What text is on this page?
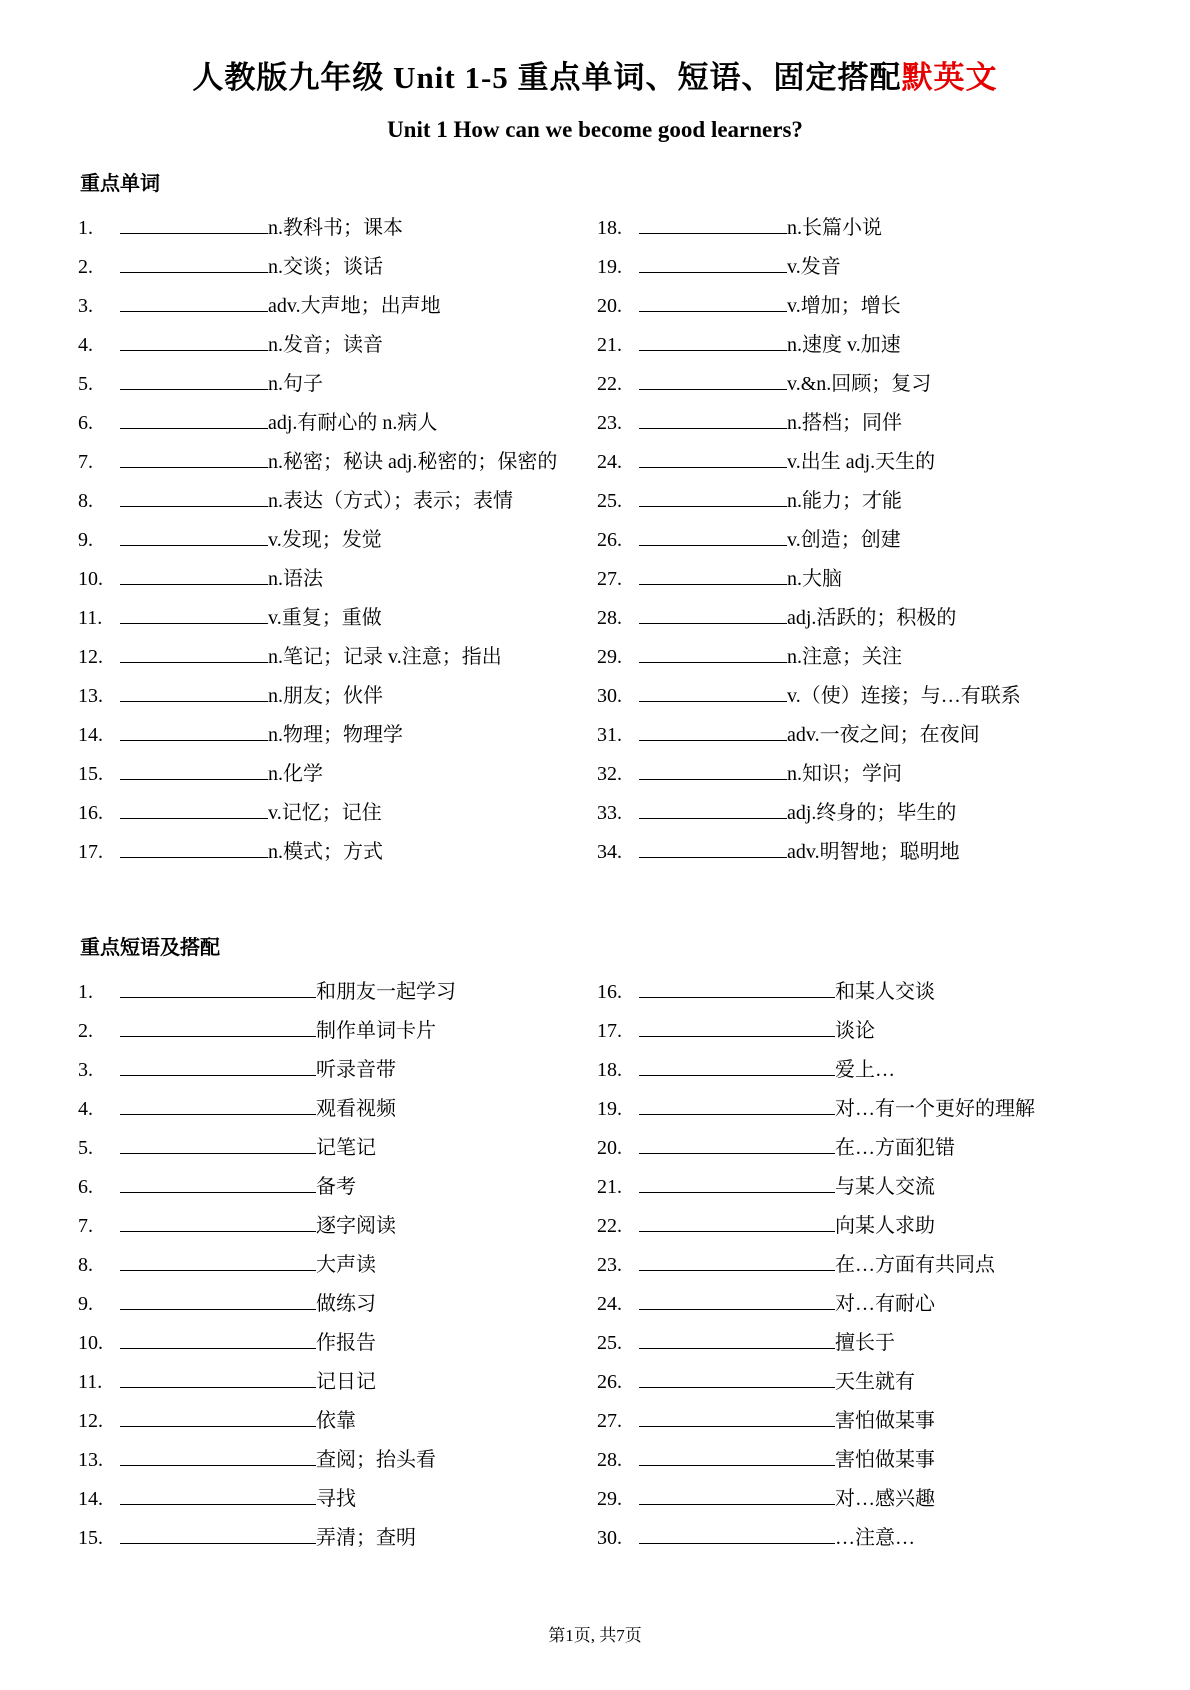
人教版九年级 Unit 1-5 重点单词、短语、固定搭配默英文
Unit 1 How can we become good learners?
重点单词
1.	n.教科书；课本
2.	n.交谈；谈话
3.	adv.大声地；出声地
4.	n.发音；读音
5.	n.句子
6.	adj.有耐心的 n.病人
7.	n.秘密；秘诀 adj.秘密的；保密的
8.	n.表达（方式）；表示；表情
9.	v.发现；发觉
10.	n.语法
11.	v.重复；重做
12.	n.笔记；记录 v.注意；指出
13.	n.朋友；伙伴
14.	n.物理；物理学
15.	n.化学
16.	v.记忆；记住
17.	n.模式；方式
18.	n.长篇小说
19.	v.发音
20.	v.增加；增长
21.	n.速度 v.加速
22.	v.&n.回顾；复习
23.	n.搭档；同伴
24.	v.出生 adj.天生的
25.	n.能力；才能
26.	v.创造；创建
27.	n.大脑
28.	adj.活跃的；积极的
29.	n.注意；关注
30.	v.（使）连接；与…有联系
31.	adv.一夜之间；在夜间
32.	n.知识；学问
33.	adj.终身的；毕生的
34.	adv.明智地；聪明地
重点短语及搭配
1.	和朋友一起学习
2.	制作单词卡片
3.	听录音带
4.	观看视频
5.	记笔记
6.	备考
7.	逐字阅读
8.	大声读
9.	做练习
10.	作报告
11.	记日记
12.	依靠
13.	查阅；抬头看
14.	寻找
15.	弄清；查明
16.	和某人交谈
17.	谈论
18.	爱上…
19.	对…有一个更好的理解
20.	在…方面犯错
21.	与某人交流
22.	向某人求助
23.	在…方面有共同点
24.	对…有耐心
25.	擅长于
26.	天生就有
27.	害怕做某事
28.	害怕做某事
29.	对…感兴趣
30.	…注意…
第1页, 共7页
